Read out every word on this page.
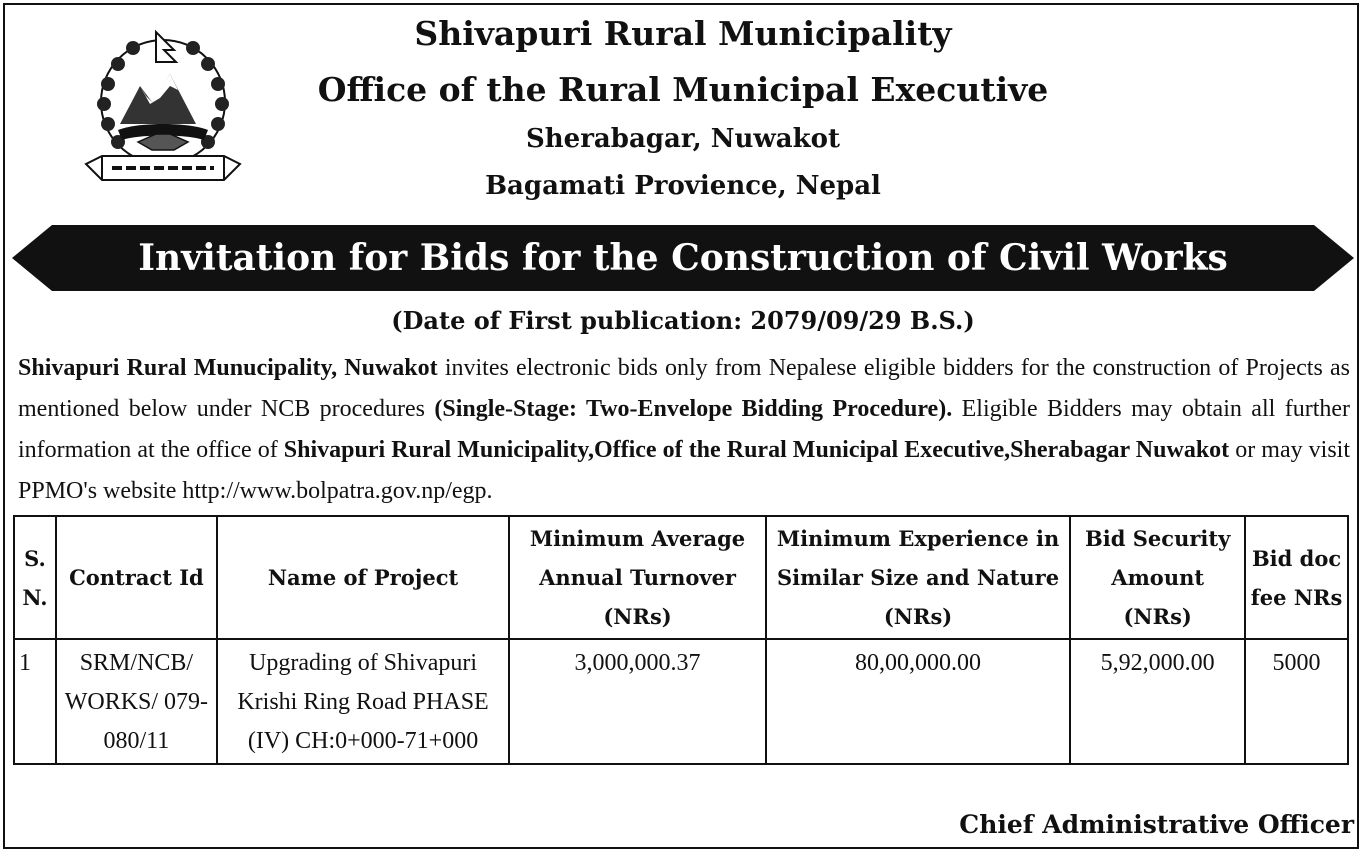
Shivapuri Rural Municipality
Office of the Rural Municipal Executive
Sherabagar, Nuwakot
Bagamati Provience, Nepal
Invitation for Bids for the Construction of Civil Works
(Date of First publication: 2079/09/29 B.S.)
Shivapuri Rural Munucipality, Nuwakot invites electronic bids only from Nepalese eligible bidders for the construction of Projects as mentioned below under NCB procedures (Single-Stage: Two-Envelope Bidding Procedure). Eligible Bidders may obtain all further information at the office of Shivapuri Rural Municipality,Office of the Rural Municipal Executive,Sherabagar Nuwakot or may visit PPMO's website http://www.bolpatra.gov.np/egp.
S. N.	Contract Id	Name of Project	Minimum Average Annual Turnover (NRs)	Minimum Experience in Similar Size and Nature (NRs)	Bid Security Amount (NRs)	Bid doc fee NRs
1	SRM/NCB/ WORKS/ 079- 080/11	Upgrading of Shivapuri Krishi Ring Road PHASE (IV) CH:0+000-71+000	3,000,000.37	80,00,000.00	5,92,000.00	5000
Chief Administrative Officer
